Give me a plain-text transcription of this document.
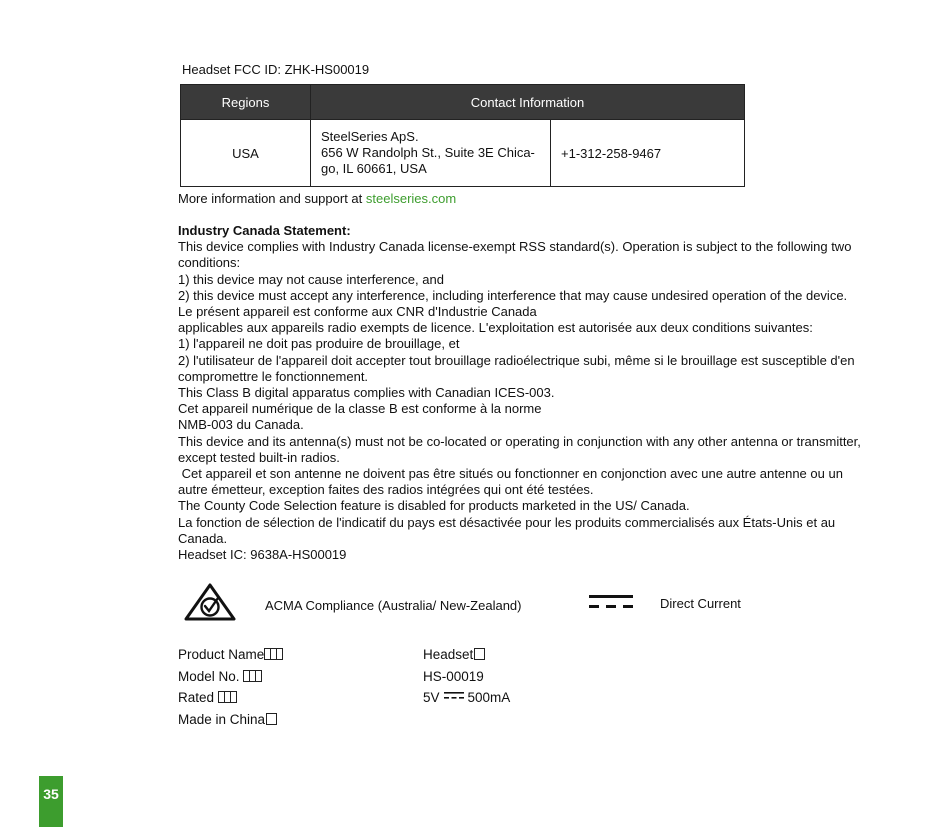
Headset FCC ID: ZHK-HS00019
Regions	Contact Information	
USA	SteelSeries ApS.
656 W Randolph St., Suite 3E Chica-
go, IL 60661, USA	+1-312-258-9467
More information and support at steelseries.com

Industry Canada Statement:

This device complies with Industry Canada license-exempt RSS standard(s). Operation is subject to the following two conditions:

1) this device may not cause interference, and

2) this device must accept any interference, including interference that may cause undesired operation of the device.

Le présent appareil est conforme aux CNR d'Industrie Canada

applicables aux appareils radio exempts de licence. L'exploitation est autorisée aux deux conditions suivantes:

1) l'appareil ne doit pas produire de brouillage, et

2) l'utilisateur de l'appareil doit accepter tout brouillage radioélectrique subi, même si le brouillage est susceptible d'en compromettre le fonctionnement.

This Class B digital apparatus complies with Canadian ICES-003.

Cet appareil numérique de la classe B est conforme à la norme

NMB-003 du Canada.

This device and its antenna(s) must not be co-located or operating in conjunction with any other antenna or transmitter, except tested built-in radios.

Cet appareil et son antenne ne doivent pas être situés ou fonctionner en conjonction avec une autre antenne ou un autre émetteur, exception faites des radios intégrées qui ont été testées.

The County Code Selection feature is disabled for products marketed in the US/ Canada.

La fonction de sélection de l'indicatif du pays est désactivée pour les produits commercialisés aux États-Unis et au Canada.

Headset IC: 9638A-HS00019

ACMA Compliance (Australia/ New-Zealand)	Direct Current
Product Name	Headset
Model No.	HS-00019
Rated	5V 500mA
Made in China
35
